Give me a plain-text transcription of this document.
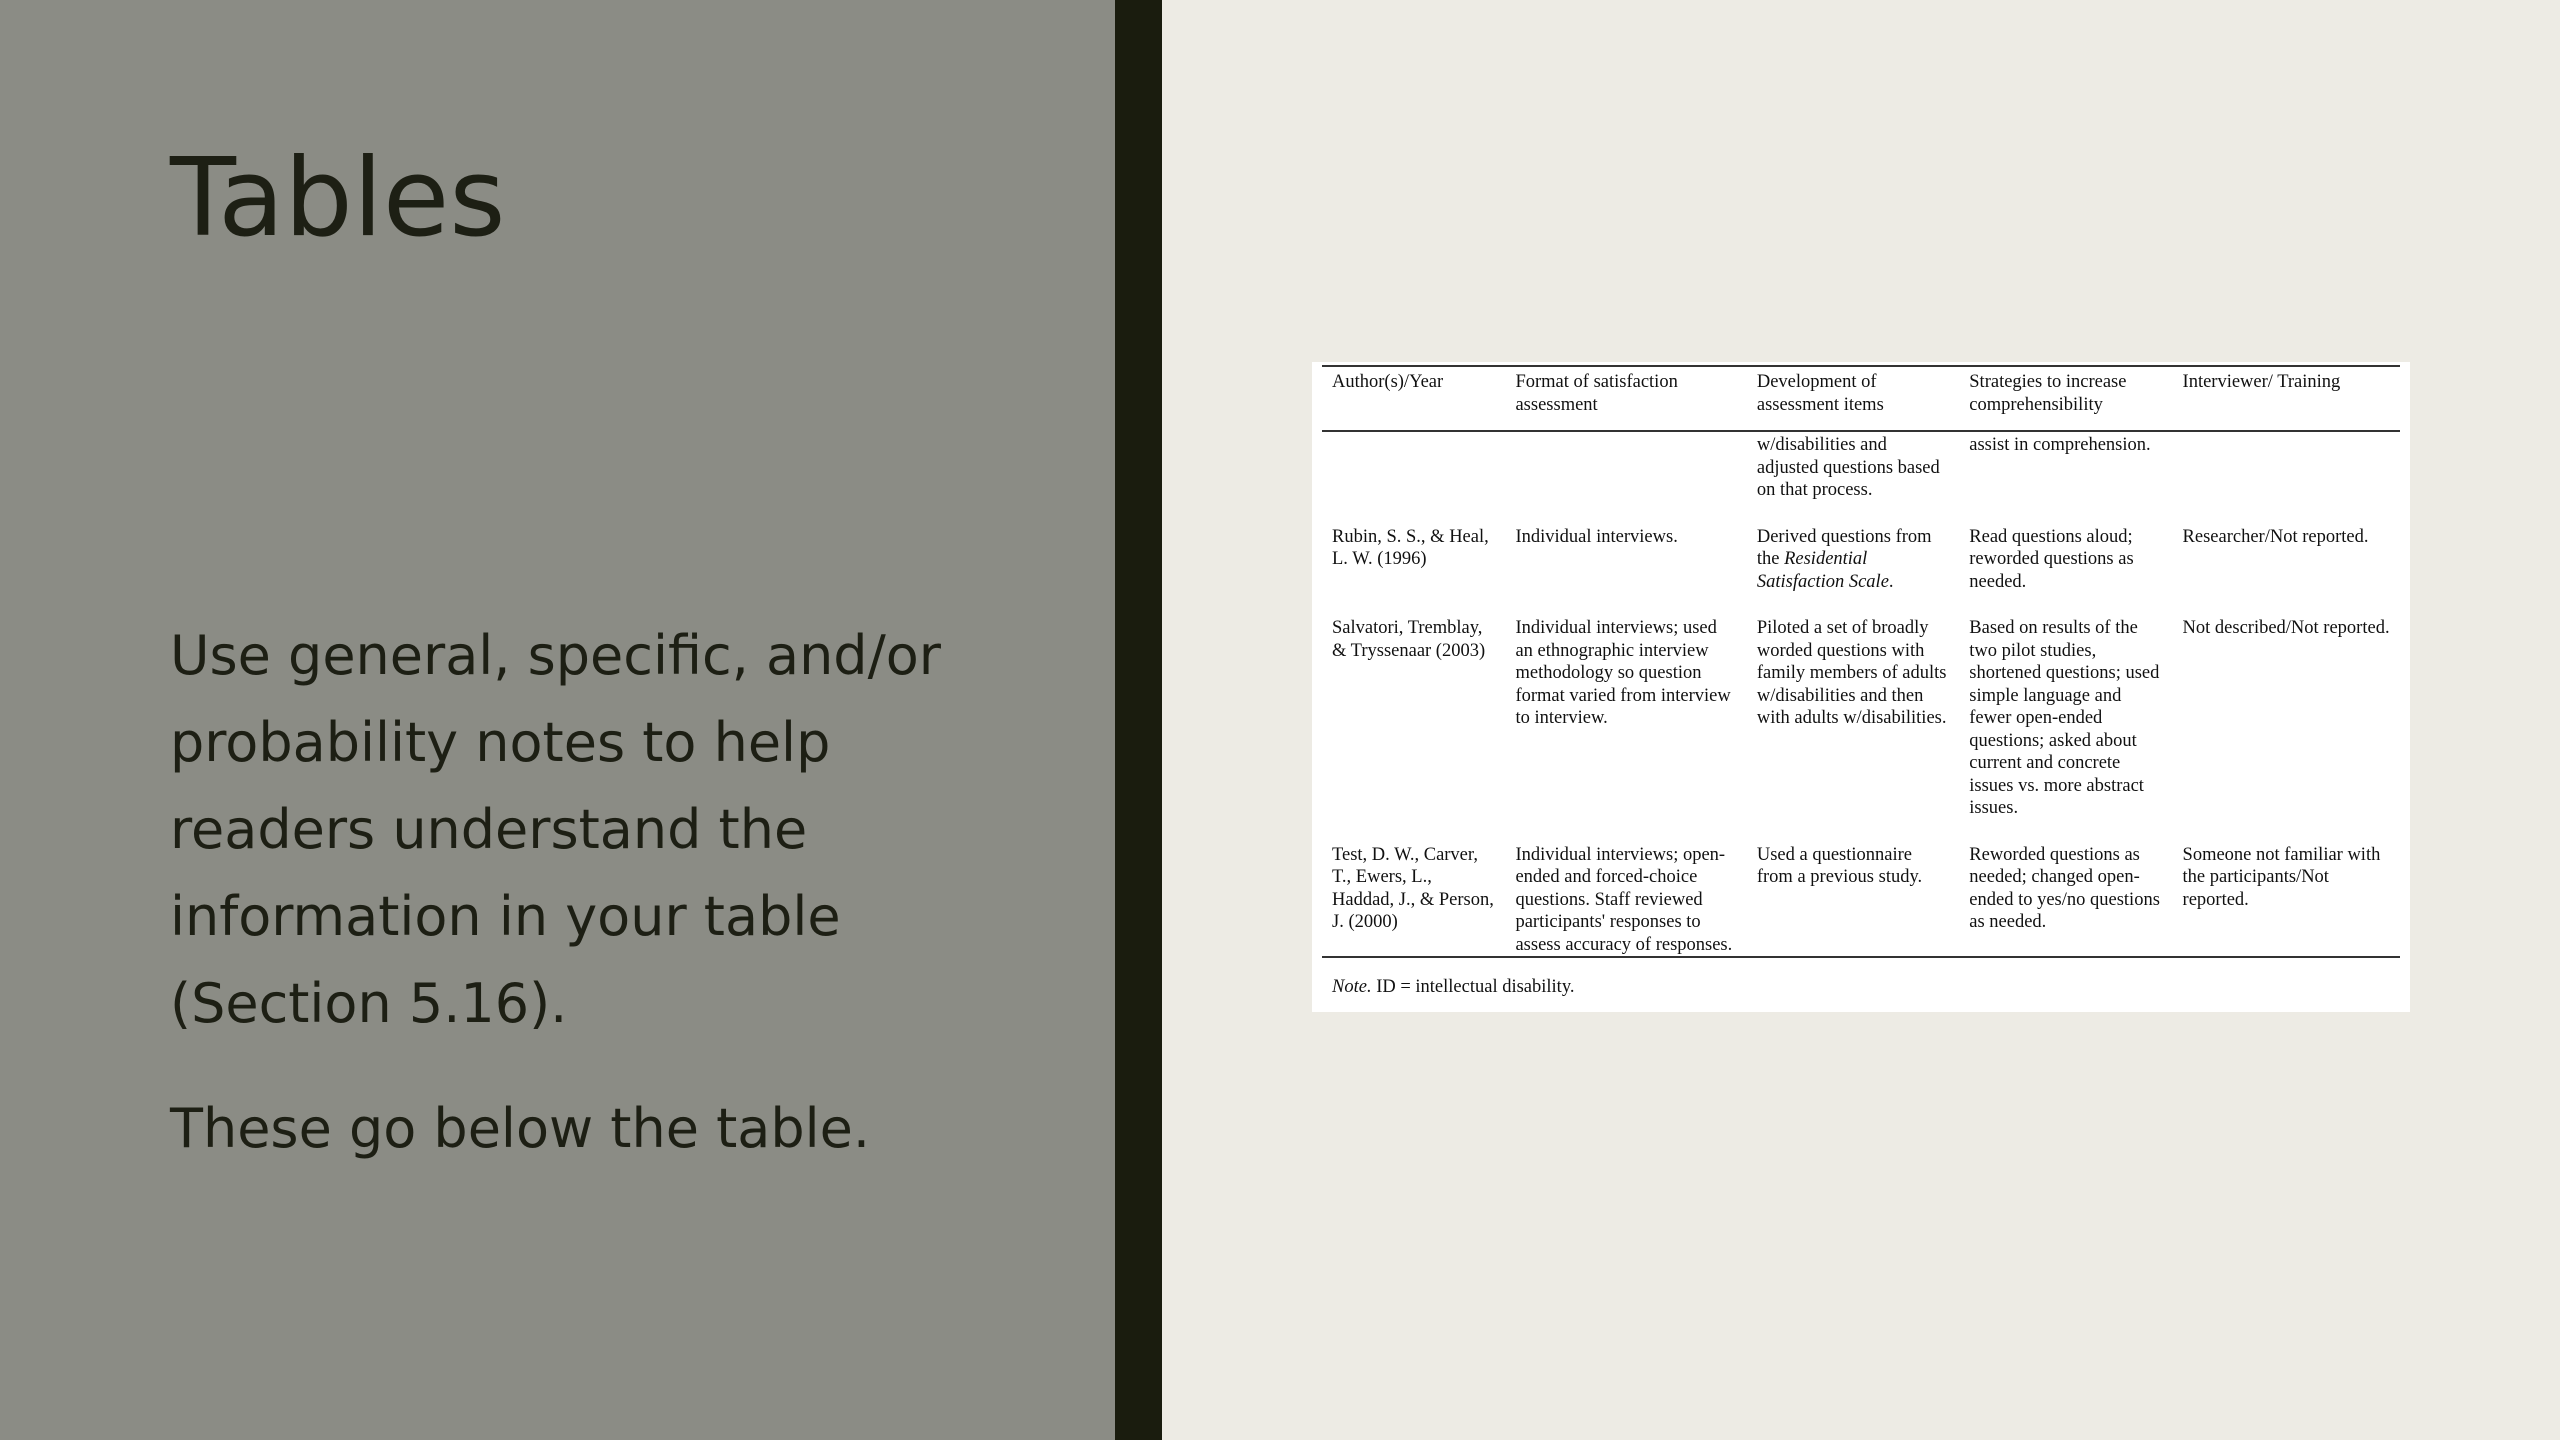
Tables

Use general, specific, and/or probability notes to help readers understand the information in your table (Section 5.16).

These go below the table.

Author(s)/Year	Format of satisfaction assessment	Development of assessment items	Strategies to increase comprehensibility	Interviewer/ Training
		w/disabilities and adjusted questions based on that process.	assist in comprehension.	
Rubin, S. S., & Heal, L. W. (1996)	Individual interviews.	Derived questions from the Residential Satisfaction Scale.	Read questions aloud; reworded questions as needed.	Researcher/Not reported.
Salvatori, Tremblay, & Tryssenaar (2003)	Individual interviews; used an ethnographic interview methodology so question format varied from interview to interview.	Piloted a set of broadly worded questions with family members of adults w/disabilities and then with adults w/disabilities.	Based on results of the two pilot studies, shortened questions; used simple language and fewer open-ended questions; asked about current and concrete issues vs. more abstract issues.	Not described/Not reported.
Test, D. W., Carver, T., Ewers, L., Haddad, J., & Person, J. (2000)	Individual interviews; open-ended and forced-choice questions. Staff reviewed participants' responses to assess accuracy of responses.	Used a questionnaire from a previous study.	Reworded questions as needed; changed open-ended to yes/no questions as needed.	Someone not familiar with the participants/Not reported.
Note. ID = intellectual disability.
